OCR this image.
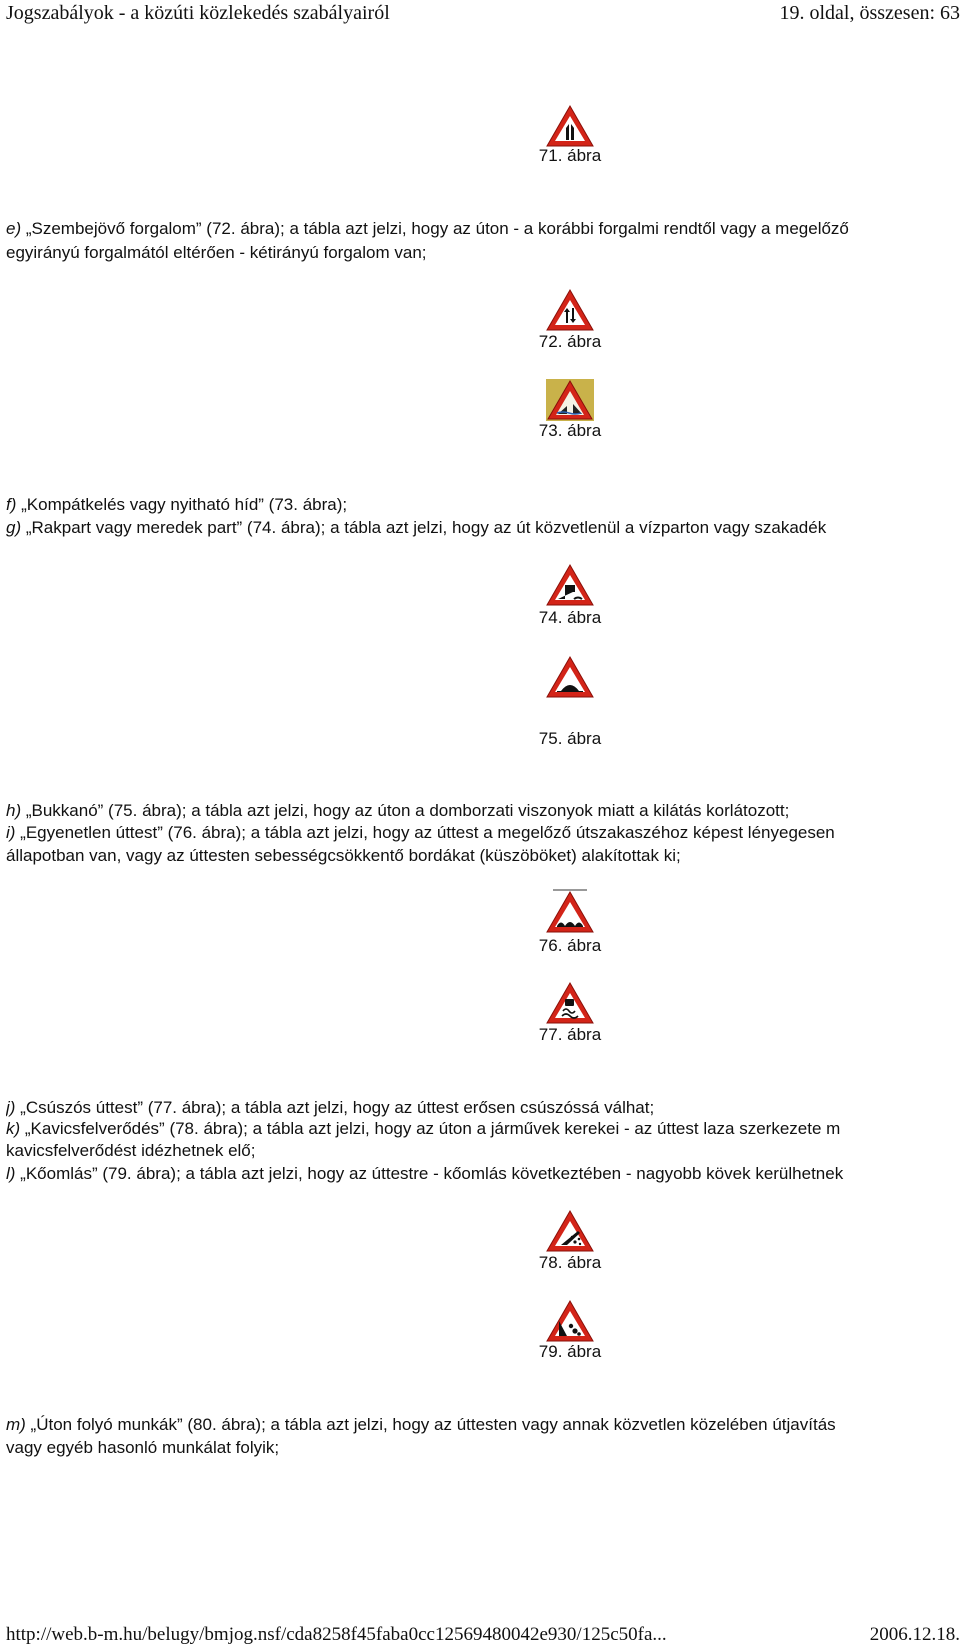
Jogszabályok - a közúti közlekedés szabályairól	19. oldal, összesen: 63
71. ábra
e) „Szembejövő forgalom” (72. ábra); a tábla azt jelzi, hogy az úton - a korábbi forgalmi rendtől vagy a megelőző
egyirányú forgalmától eltérően - kétirányú forgalom van;
72. ábra
73. ábra
f) „Kompátkelés vagy nyitható híd” (73. ábra);
g) „Rakpart vagy meredek part” (74. ábra); a tábla azt jelzi, hogy az út közvetlenül a vízparton vagy szakadék
74. ábra
75. ábra
h) „Bukkanó” (75. ábra); a tábla azt jelzi, hogy az úton a domborzati viszonyok miatt a kilátás korlátozott;
i) „Egyenetlen úttest” (76. ábra); a tábla azt jelzi, hogy az úttest a megelőző útszakaszéhoz képest lényegesen
állapotban van, vagy az úttesten sebességcsökkentő bordákat (küszöböket) alakítottak ki;
76. ábra
77. ábra
j) „Csúszós úttest” (77. ábra); a tábla azt jelzi, hogy az úttest erősen csúszóssá válhat;
k) „Kavicsfelverődés” (78. ábra); a tábla azt jelzi, hogy az úton a járművek kerekei - az úttest laza szerkezete m
kavicsfelverődést idézhetnek elő;
l) „Kőomlás” (79. ábra); a tábla azt jelzi, hogy az úttestre - kőomlás következtében - nagyobb kövek kerülhetnek
78. ábra
79. ábra
m) „Úton folyó munkák” (80. ábra); a tábla azt jelzi, hogy az úttesten vagy annak közvetlen közelében útjavítás
vagy egyéb hasonló munkálat folyik;
http://web.b-m.hu/belugy/bmjog.nsf/cda8258f45faba0cc12569480042e930/125c50fa...	2006.12.18.
